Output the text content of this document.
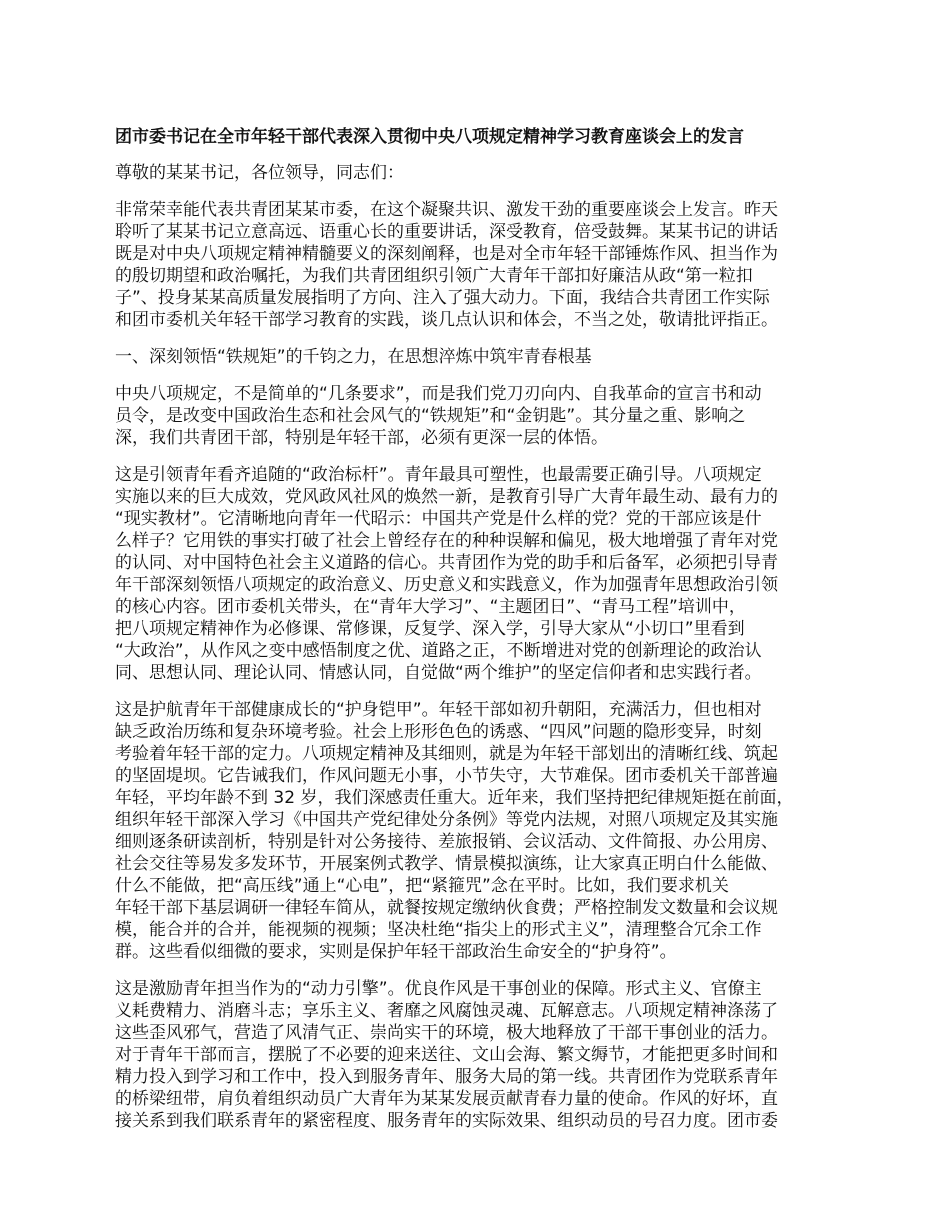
团市委书记在全市年轻干部代表深入贯彻中央八项规定精神学习教育座谈会上的发言
尊敬的某某书记，各位领导，同志们：
非常荣幸能代表共青团某某市委，在这个凝聚共识、激发干劲的重要座谈会上发言。昨天
聆听了某某书记立意高远、语重心长的重要讲话，深受教育，倍受鼓舞。某某书记的讲话
既是对中央八项规定精神精髓要义的深刻阐释，也是对全市年轻干部锤炼作风、担当作为
的殷切期望和政治嘱托，为我们共青团组织引领广大青年干部扣好廉洁从政“第一粒扣
子”、投身某某高质量发展指明了方向、注入了强大动力。下面，我结合共青团工作实际
和团市委机关年轻干部学习教育的实践，谈几点认识和体会，不当之处，敬请批评指正。
一、深刻领悟“铁规矩”的千钧之力，在思想淬炼中筑牢青春根基
中央八项规定，不是简单的“几条要求”，而是我们党刀刃向内、自我革命的宣言书和动
员令，是改变中国政治生态和社会风气的“铁规矩”和“金钥匙”。其分量之重、影响之
深，我们共青团干部，特别是年轻干部，必须有更深一层的体悟。
这是引领青年看齐追随的“政治标杆”。青年最具可塑性，也最需要正确引导。八项规定
实施以来的巨大成效，党风政风社风的焕然一新，是教育引导广大青年最生动、最有力的
“现实教材”。它清晰地向青年一代昭示：中国共产党是什么样的党？党的干部应该是什
么样子？它用铁的事实打破了社会上曾经存在的种种误解和偏见，极大地增强了青年对党
的认同、对中国特色社会主义道路的信心。共青团作为党的助手和后备军，必须把引导青
年干部深刻领悟八项规定的政治意义、历史意义和实践意义，作为加强青年思想政治引领
的核心内容。团市委机关带头，在“青年大学习”、“主题团日”、“青马工程”培训中，
把八项规定精神作为必修课、常修课，反复学、深入学，引导大家从“小切口”里看到
“大政治”，从作风之变中感悟制度之优、道路之正，不断增进对党的创新理论的政治认
同、思想认同、理论认同、情感认同，自觉做“两个维护”的坚定信仰者和忠实践行者。
这是护航青年干部健康成长的“护身铠甲”。年轻干部如初升朝阳，充满活力，但也相对
缺乏政治历练和复杂环境考验。社会上形形色色的诱惑、“四风”问题的隐形变异，时刻
考验着年轻干部的定力。八项规定精神及其细则，就是为年轻干部划出的清晰红线、筑起
的坚固堤坝。它告诫我们，作风问题无小事，小节失守，大节难保。团市委机关干部普遍
年轻，平均年龄不到 32 岁，我们深感责任重大。近年来，我们坚持把纪律规矩挺在前面，
组织年轻干部深入学习《中国共产党纪律处分条例》等党内法规，对照八项规定及其实施
细则逐条研读剖析，特别是针对公务接待、差旅报销、会议活动、文件简报、办公用房、
社会交往等易发多发环节，开展案例式教学、情景模拟演练，让大家真正明白什么能做、
什么不能做，把“高压线”通上“心电”，把“紧箍咒”念在平时。比如，我们要求机关
年轻干部下基层调研一律轻车简从，就餐按规定缴纳伙食费；严格控制发文数量和会议规
模，能合并的合并，能视频的视频；坚决杜绝“指尖上的形式主义”，清理整合冗余工作
群。这些看似细微的要求，实则是保护年轻干部政治生命安全的“护身符”。
这是激励青年担当作为的“动力引擎”。优良作风是干事创业的保障。形式主义、官僚主
义耗费精力、消磨斗志；享乐主义、奢靡之风腐蚀灵魂、瓦解意志。八项规定精神涤荡了
这些歪风邪气，营造了风清气正、崇尚实干的环境，极大地释放了干部干事创业的活力。
对于青年干部而言，摆脱了不必要的迎来送往、文山会海、繁文缛节，才能把更多时间和
精力投入到学习和工作中，投入到服务青年、服务大局的第一线。共青团作为党联系青年
的桥梁纽带，肩负着组织动员广大青年为某某发展贡献青春力量的使命。作风的好坏，直
接关系到我们联系青年的紧密程度、服务青年的实际效果、组织动员的号召力度。团市委
